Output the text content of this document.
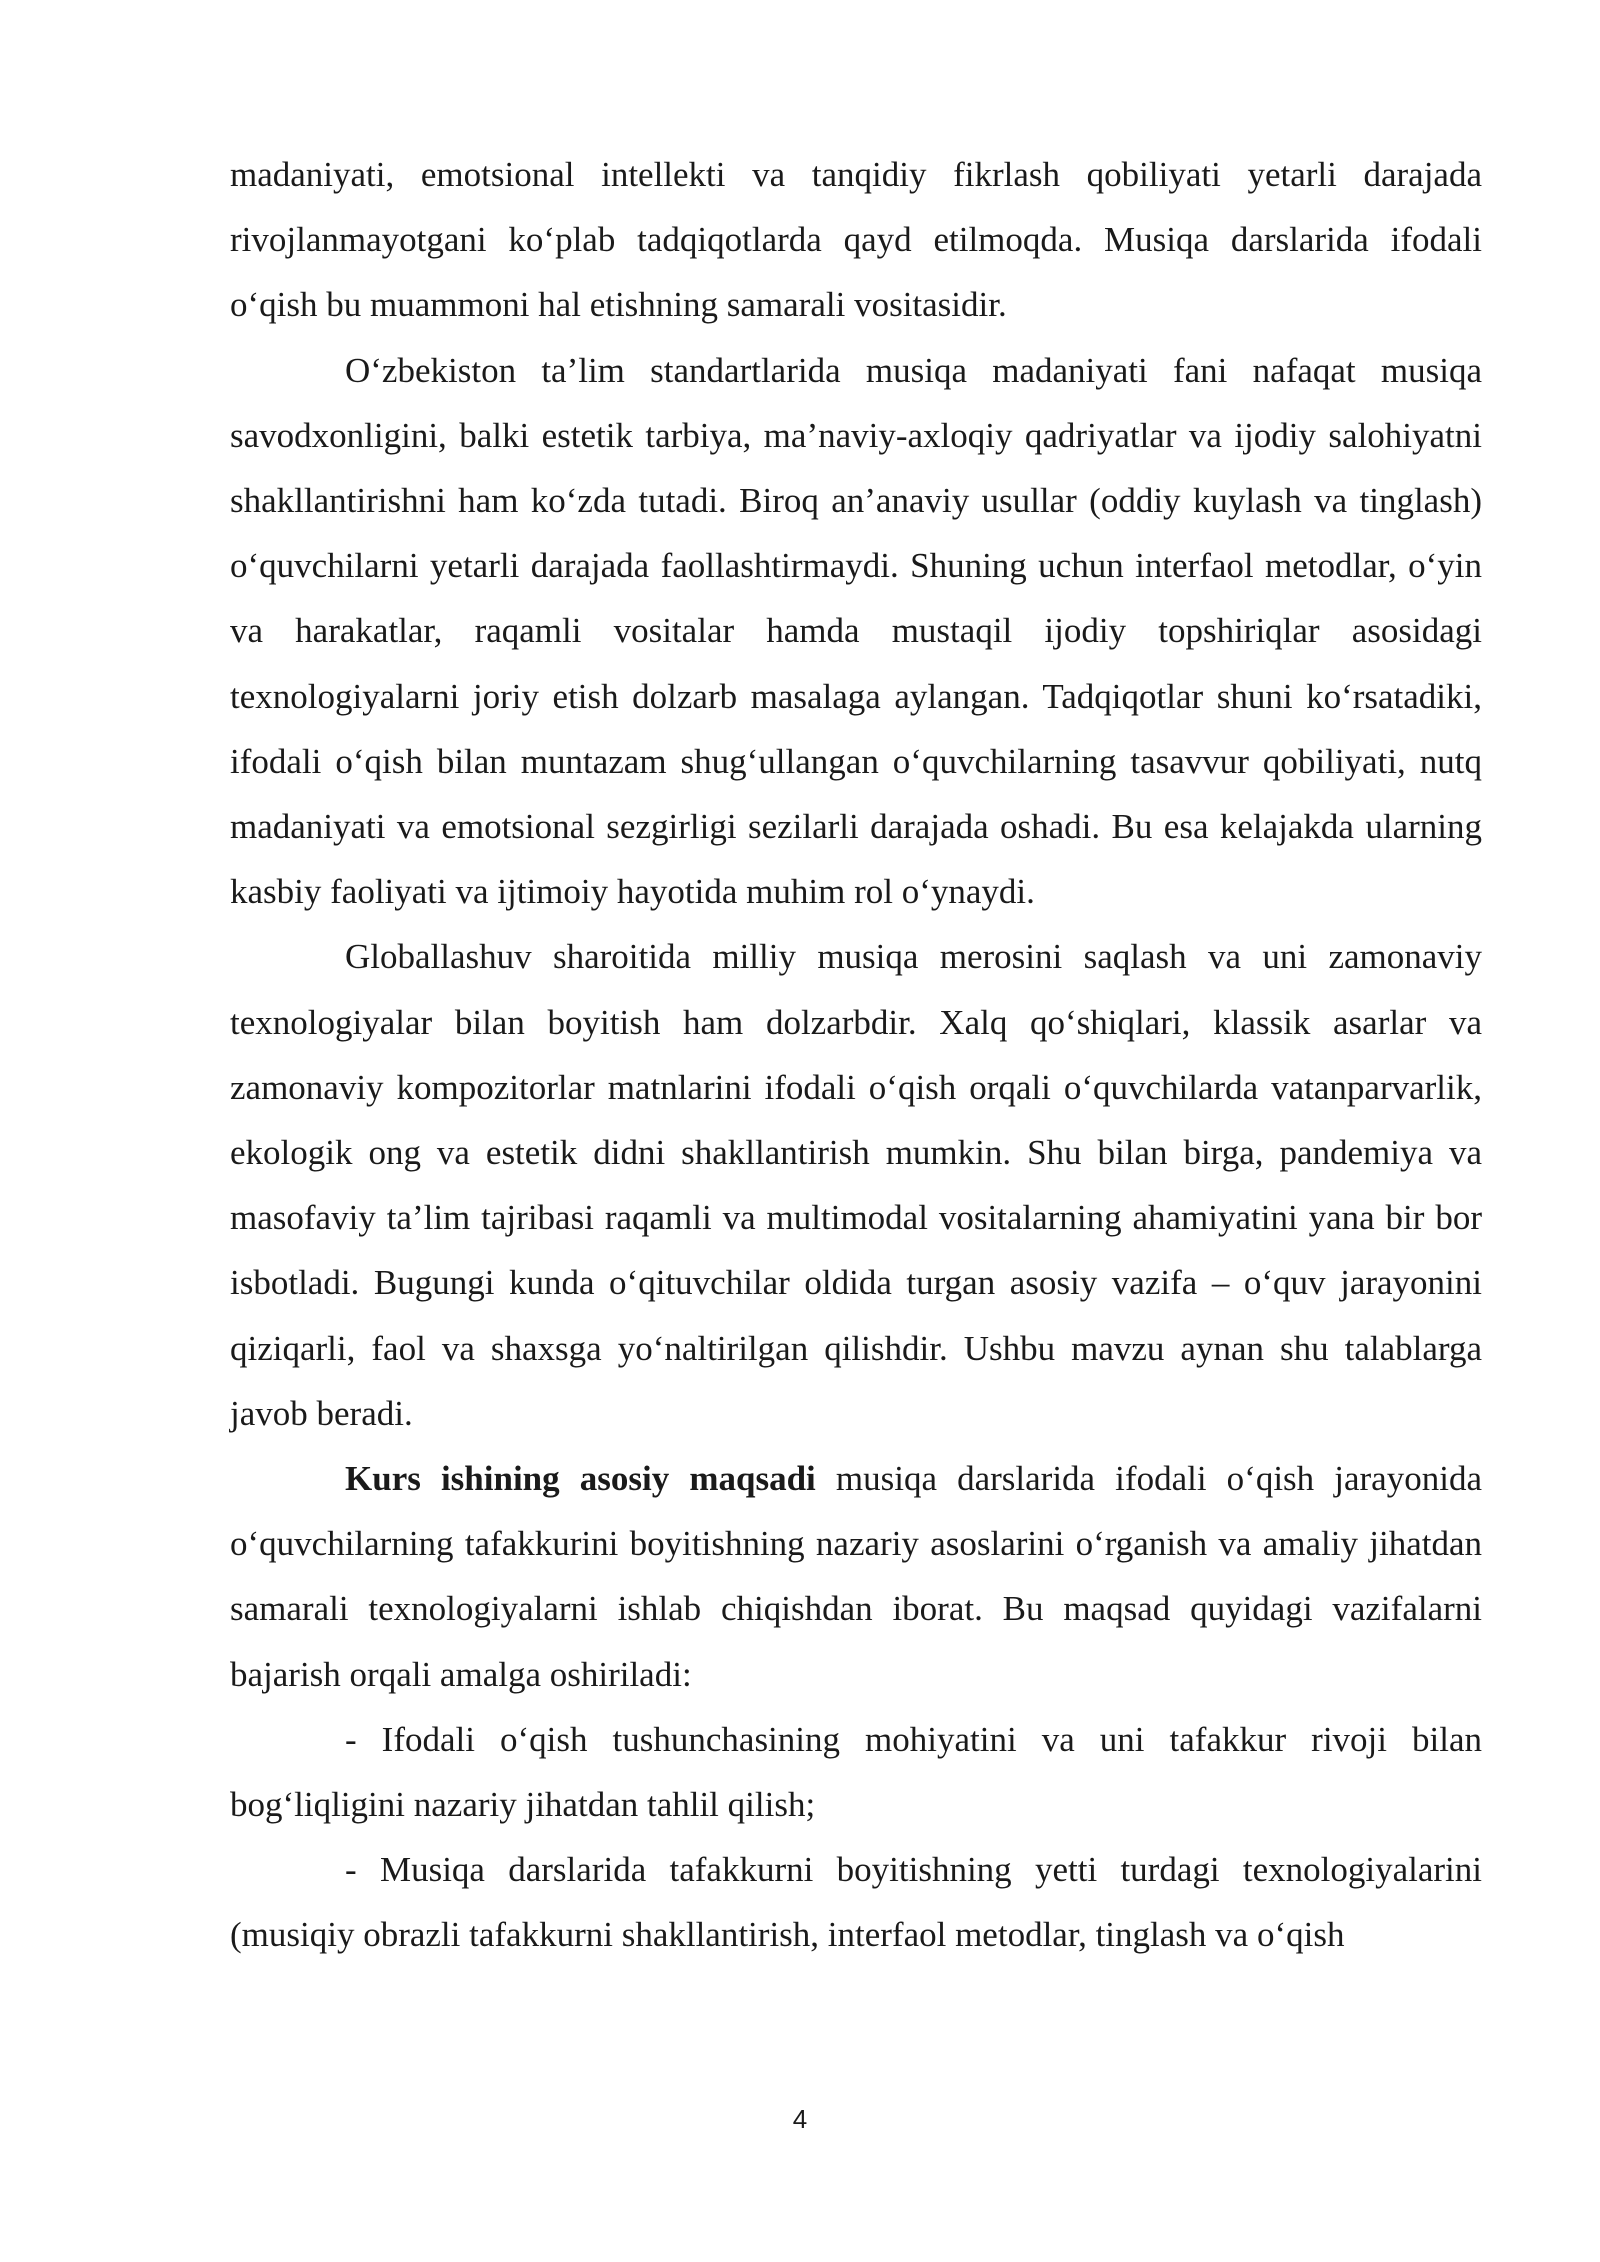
madaniyati, emotsional intellekti va tanqidiy fikrlash qobiliyati yetarli darajada rivojlanmayotgani ko‘plab tadqiqotlarda qayd etilmoqda. Musiqa darslarida ifodali o‘qish bu muammoni hal etishning samarali vositasidir.

O‘zbekiston ta’lim standartlarida musiqa madaniyati fani nafaqat musiqa savodxonligini, balki estetik tarbiya, ma’naviy-axloqiy qadriyatlar va ijodiy salohiyatni shakllantirishni ham ko‘zda tutadi. Biroq an’anaviy usullar (oddiy kuylash va tinglash) o‘quvchilarni yetarli darajada faollashtirmaydi. Shuning uchun interfaol metodlar, o‘yin va harakatlar, raqamli vositalar hamda mustaqil ijodiy topshiriqlar asosidagi texnologiyalarni joriy etish dolzarb masalaga aylangan. Tadqiqotlar shuni ko‘rsatadiki, ifodali o‘qish bilan muntazam shug‘ullangan o‘quvchilarning tasavvur qobiliyati, nutq madaniyati va emotsional sezgirligi sezilarli darajada oshadi. Bu esa kelajakda ularning kasbiy faoliyati va ijtimoiy hayotida muhim rol o‘ynaydi.

Globallashuv sharoitida milliy musiqa merosini saqlash va uni zamonaviy texnologiyalar bilan boyitish ham dolzarbdir. Xalq qo‘shiqlari, klassik asarlar va zamonaviy kompozitorlar matnlarini ifodali o‘qish orqali o‘quvchilarda vatanparvarlik, ekologik ong va estetik didni shakllantirish mumkin. Shu bilan birga, pandemiya va masofaviy ta’lim tajribasi raqamli va multimodal vositalarning ahamiyatini yana bir bor isbotladi. Bugungi kunda o‘qituvchilar oldida turgan asosiy vazifa – o‘quv jarayonini qiziqarli, faol va shaxsga yo‘naltirilgan qilishdir. Ushbu mavzu aynan shu talablarga javob beradi.

Kurs ishining asosiy maqsadi musiqa darslarida ifodali o‘qish jarayonida o‘quvchilarning tafakkurini boyitishning nazariy asoslarini o‘rganish va amaliy jihatdan samarali texnologiyalarni ishlab chiqishdan iborat. Bu maqsad quyidagi vazifalarni bajarish orqali amalga oshiriladi:

- Ifodali o‘qish tushunchasining mohiyatini va uni tafakkur rivoji bilan bog‘liqligini nazariy jihatdan tahlil qilish;

- Musiqa darslarida tafakkurni boyitishning yetti turdagi texnologiyalarini (musiqiy obrazli tafakkurni shakllantirish, interfaol metodlar, tinglash va o‘qish

4
